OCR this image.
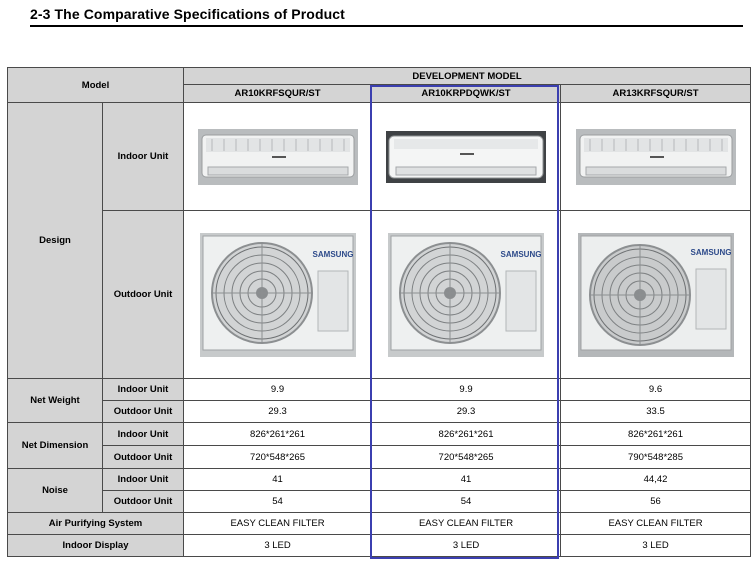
2-3 The Comparative Specifications of Product
Model		DEVELOPMENT MODEL		
		AR10KRFSQUR/ST	AR10KRPDQWK/ST	AR13KRFSQUR/ST
Design	Indoor Unit	

	Outdoor Unit	SAMSUNG	SAMSUNG	SAMSUNG

Net Weight	Indoor Unit	9.9	9.9	9.6
	Outdoor Unit	29.3	29.3	33.5
Net Dimension	Indoor Unit	826*261*261	826*261*261	826*261*261
	Outdoor Unit	720*548*265	720*548*265	790*548*285
Noise	Indoor Unit	41	41	44,42
	Outdoor Unit	54	54	56
Air Purifying System		EASY CLEAN FILTER	EASY CLEAN FILTER	EASY CLEAN FILTER
Indoor Display		3 LED	3 LED	3 LED
